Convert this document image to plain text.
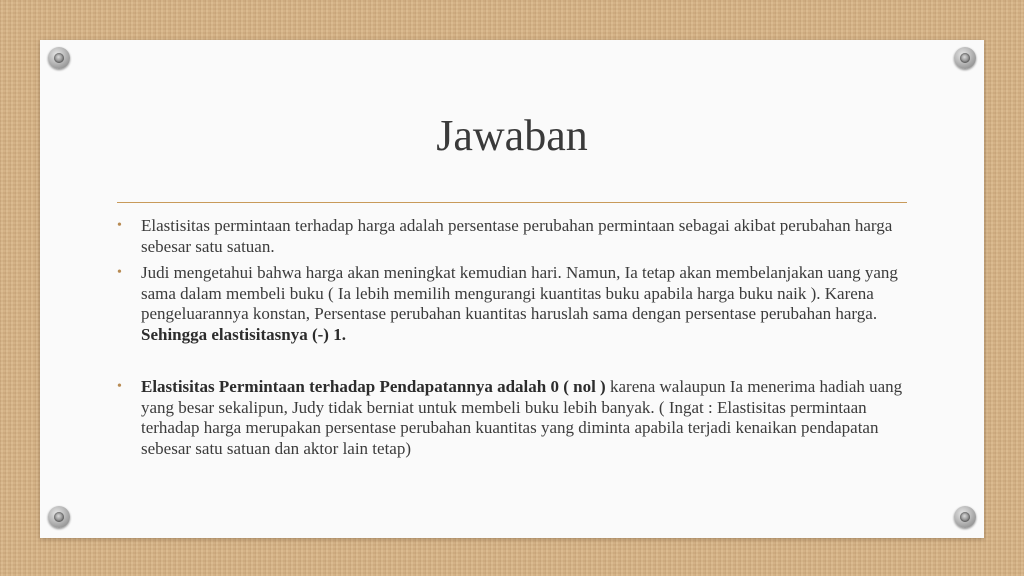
Jawaban
•	Elastisitas permintaan terhadap harga adalah persentase perubahan permintaan sebagai akibat perubahan harga sebesar satu satuan.
•	Judi mengetahui bahwa harga akan meningkat kemudian hari. Namun, Ia tetap akan membelanjakan uang yang sama dalam membeli buku ( Ia lebih memilih mengurangi kuantitas buku apabila harga buku naik ). Karena pengeluarannya konstan, Persentase perubahan kuantitas haruslah sama dengan persentase perubahan harga. Sehingga elastisitasnya (-) 1.
•	Elastisitas Permintaan terhadap Pendapatannya adalah 0 ( nol ) karena walaupun Ia menerima hadiah uang yang besar sekalipun, Judy tidak berniat untuk membeli buku lebih banyak. ( Ingat : Elastisitas permintaan terhadap harga merupakan persentase perubahan kuantitas yang diminta apabila terjadi kenaikan pendapatan sebesar satu satuan dan aktor lain tetap)
